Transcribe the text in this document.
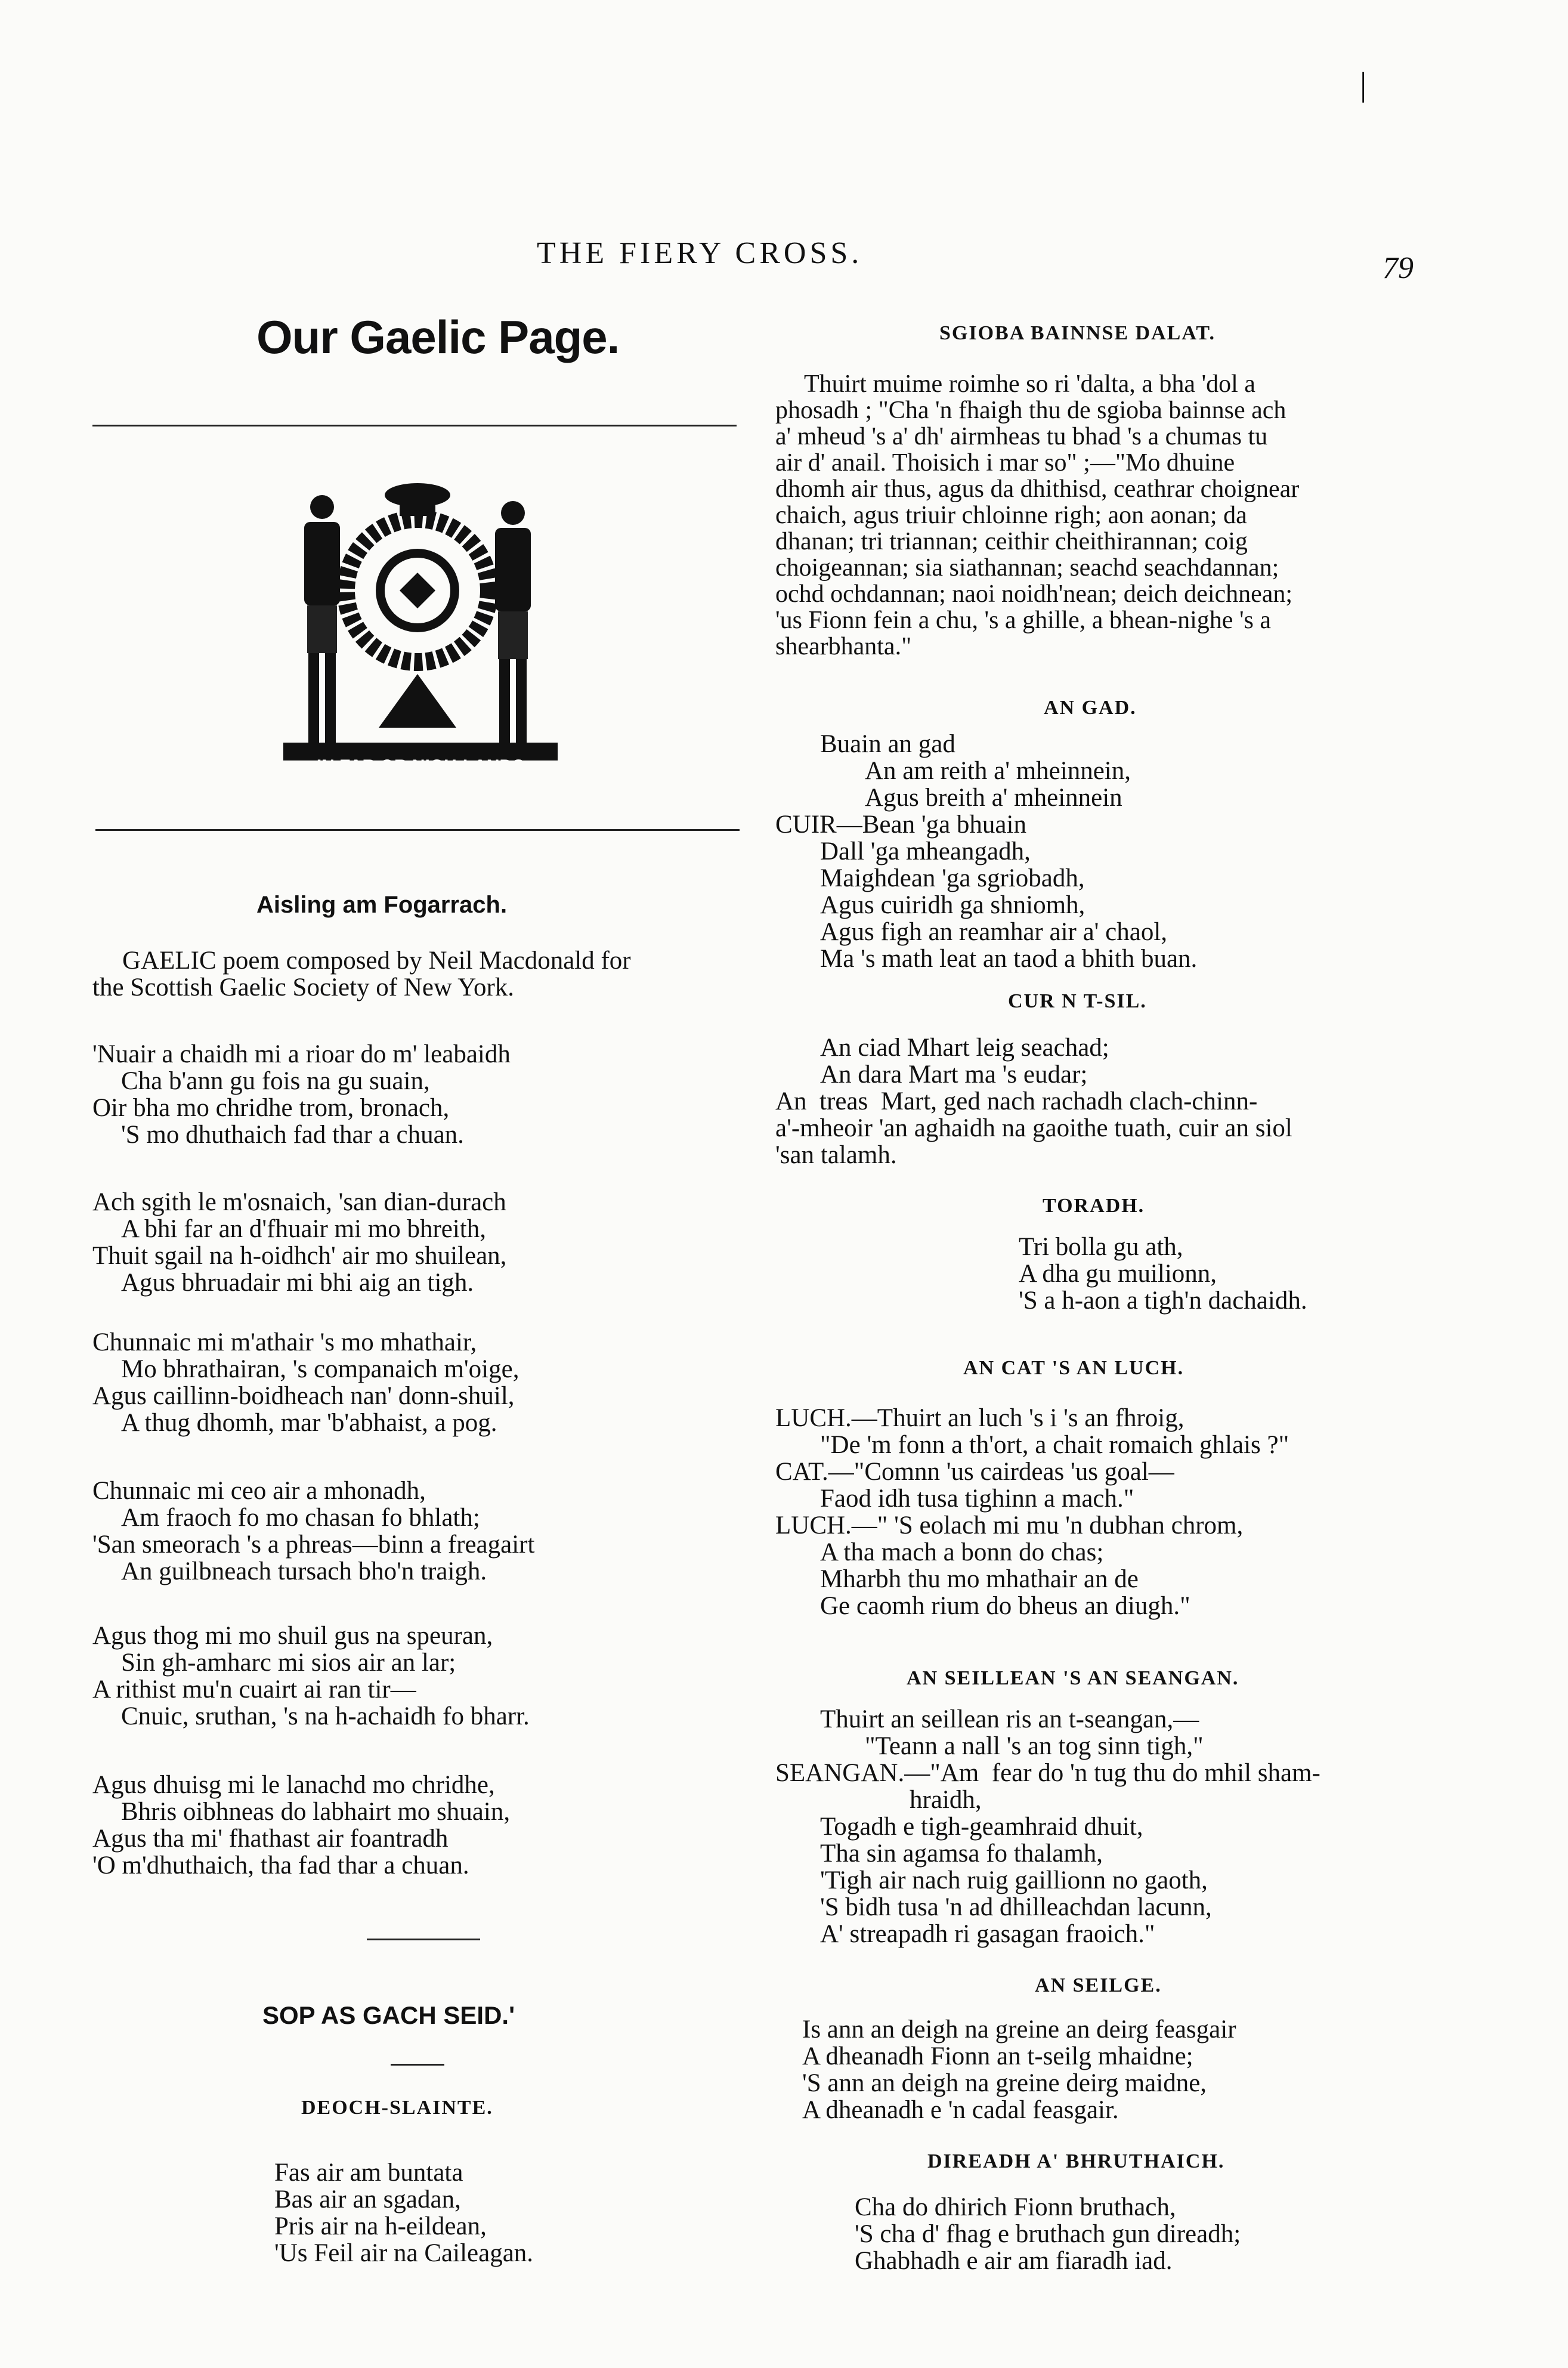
|
THE FIERY CROSS.	79
Our Gaelic Page.
IN FAR OR NIGH-LANDS
Aisling am Fogarrach.
GAELIC poem composed by Neil Macdonald for
the Scottish Gaelic Society of New York.
'Nuair a chaidh mi a rioar do m' leabaidh
Cha b'ann gu fois na gu suain,
Oir bha mo chridhe trom, bronach,
'S mo dhuthaich fad thar a chuan.
Ach sgith le m'osnaich, 'san dian-durach
A bhi far an d'fhuair mi mo bhreith,
Thuit sgail na h-oidhch' air mo shuilean,
Agus bhruadair mi bhi aig an tigh.
Chunnaic mi m'athair 's mo mhathair,
Mo bhrathairan, 's companaich m'oige,
Agus caillinn-boidheach nan' donn-shuil,
A thug dhomh, mar 'b'abhaist, a pog.
Chunnaic mi ceo air a mhonadh,
Am fraoch fo mo chasan fo bhlath;
'San smeorach 's a phreas—binn a freagairt
An guilbneach tursach bho'n traigh.
Agus thog mi mo shuil gus na speuran,
Sin gh-amharc mi sios air an lar;
A rithist mu'n cuairt ai ran tir—
Cnuic, sruthan, 's na h-achaidh fo bharr.
Agus dhuisg mi le lanachd mo chridhe,
Bhris oibhneas do labhairt mo shuain,
Agus tha mi' fhathast air foantradh
'O m'dhuthaich, tha fad thar a chuan.
SOP AS GACH SEID.'
DEOCH-SLAINTE.
Fas air am buntata
Bas air an sgadan,
Pris air na h-eildean,
'Us Feil air na Caileagan.
SGIOBA BAINNSE DALAT.
Thuirt muime roimhe so ri 'dalta, a bha 'dol a
phosadh ; "Cha 'n fhaigh thu de sgioba bainnse ach
a' mheud 's a' dh' airmheas tu bhad 's a chumas tu
air d' anail. Thoisich i mar so" ;—"Mo dhuine
dhomh air thus, agus da dhithisd, ceathrar choignear
chaich, agus triuir chloinne righ; aon aonan; da
dhanan; tri triannan; ceithir cheithirannan; coig
choigeannan; sia siathannan; seachd seachdannan;
ochd ochdannan; naoi noidh'nean; deich deichnean;
'us Fionn fein a chu, 's a ghille, a bhean-nighe 's a
shearbhanta."
AN GAD.
Buain an gad
An am reith a' mheinnein,
Agus breith a' mheinnein
CUIR—Bean 'ga bhuain
Dall 'ga mheangadh,
Maighdean 'ga sgriobadh,
Agus cuiridh ga shniomh,
Agus figh an reamhar air a' chaol,
Ma 's math leat an taod a bhith buan.
CUR N T-SIL.
An ciad Mhart leig seachad;
An dara Mart ma 's eudar;
An  treas  Mart, ged nach rachadh clach-chinn-
a'-mheoir 'an aghaidh na gaoithe tuath, cuir an siol
'san talamh.
TORADH.
Tri bolla gu ath,
A dha gu muilionn,
'S a h-aon a tigh'n dachaidh.
AN CAT 'S AN LUCH.
LUCH.—Thuirt an luch 's i 's an fhroig,
"De 'm fonn a th'ort, a chait romaich ghlais ?"
CAT.—"Comnn 'us cairdeas 'us goal—
Faod idh tusa tighinn a mach."
LUCH.—" 'S eolach mi mu 'n dubhan chrom,
A tha mach a bonn do chas;
Mharbh thu mo mhathair an de
Ge caomh rium do bheus an diugh."
AN SEILLEAN 'S AN SEANGAN.
Thuirt an seillean ris an t-seangan,—
"Teann a nall 's an tog sinn tigh,"
SEANGAN.—"Am  fear do 'n tug thu do mhil sham-
hraidh,
Togadh e tigh-geamhraid dhuit,
Tha sin agamsa fo thalamh,
'Tigh air nach ruig gaillionn no gaoth,
'S bidh tusa 'n ad dhilleachdan lacunn,
A' streapadh ri gasagan fraoich."
AN SEILGE.
Is ann an deigh na greine an deirg feasgair
A dheanadh Fionn an t-seilg mhaidne;
'S ann an deigh na greine deirg maidne,
A dheanadh e 'n cadal feasgair.
DIREADH A' BHRUTHAICH.
Cha do dhirich Fionn bruthach,
'S cha d' fhag e bruthach gun direadh;
Ghabhadh e air am fiaradh iad.
